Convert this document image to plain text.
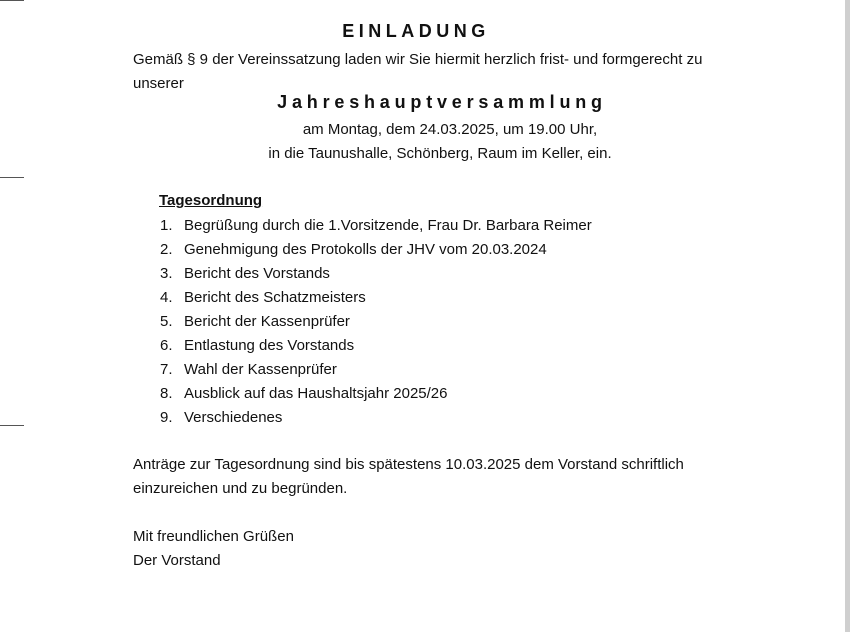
EINLADUNG
Gemäß § 9 der Vereinssatzung laden wir Sie hiermit herzlich frist- und formgerecht zu unserer
Jahreshauptversammlung
am Montag, dem 24.03.2025, um 19.00 Uhr,
in die Taunushalle, Schönberg, Raum im Keller, ein.
Tagesordnung
1. Begrüßung durch die 1.Vorsitzende, Frau Dr. Barbara Reimer
2. Genehmigung des Protokolls der JHV vom 20.03.2024
3. Bericht des Vorstands
4. Bericht des Schatzmeisters
5. Bericht der Kassenprüfer
6. Entlastung des Vorstands
7. Wahl der Kassenprüfer
8. Ausblick auf das Haushaltsjahr 2025/26
9. Verschiedenes
Anträge zur Tagesordnung sind bis spätestens 10.03.2025 dem Vorstand schriftlich einzureichen und zu begründen.
Mit freundlichen Grüßen
Der Vorstand
